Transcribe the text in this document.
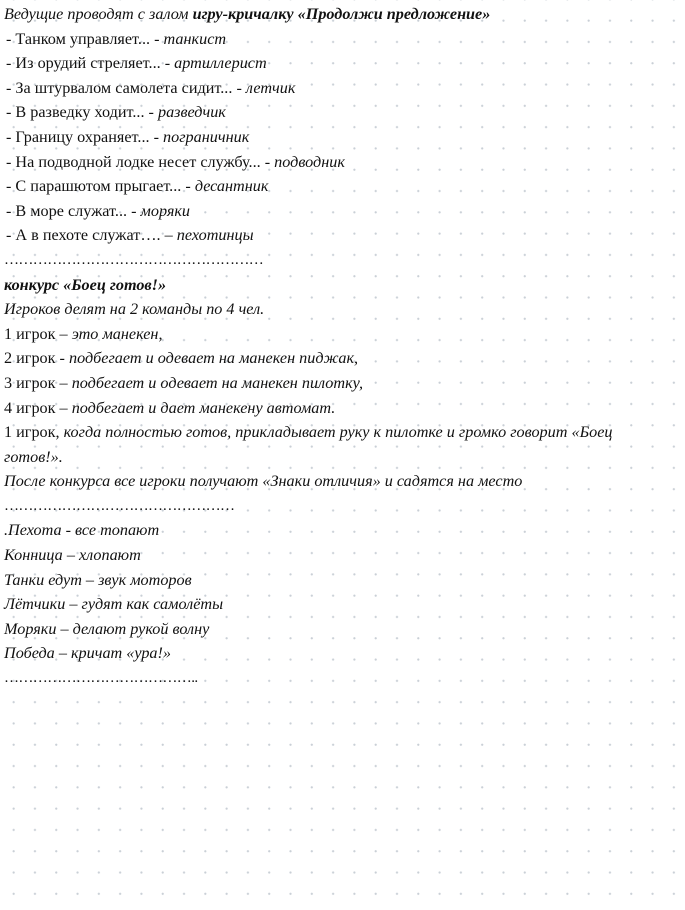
Ведущие проводят с залом игру-кричалку «Продолжи предложение»
- Танком управляет... - танкист
- Из орудий стреляет... - артиллерист
- За штурвалом самолета сидит... - летчик
- В разведку ходит... - разведчик
- Границу охраняет... - пограничник
- На подводной лодке несет службу... - подводник
- С парашютом прыгает... - десантник
- В море служат... - моряки
- А в пехоте служат…. – пехотинцы
………………………………………………
конкурс «Боец готов!»
Игроков делят на 2 команды по 4 чел.
1 игрок – это манекен,
2 игрок - подбегает и одевает на манекен пиджак,
3 игрок – подбегает и одевает на манекен пилотку,
4 игрок – подбегает и дает манекену автомат.
1 игрок, когда полностью готов, прикладывает руку к пилотке и громко говорит «Боец готов!».
После конкурса все игроки получают «Знаки отличия» и садятся на место
…………………………………………
.Пехота - все топают
Конница – хлопают
Танки едут – звук моторов
Лётчики – гудят как самолёты
Моряки – делают рукой волну
Победа – кричат «ура!»
…………………………………..
